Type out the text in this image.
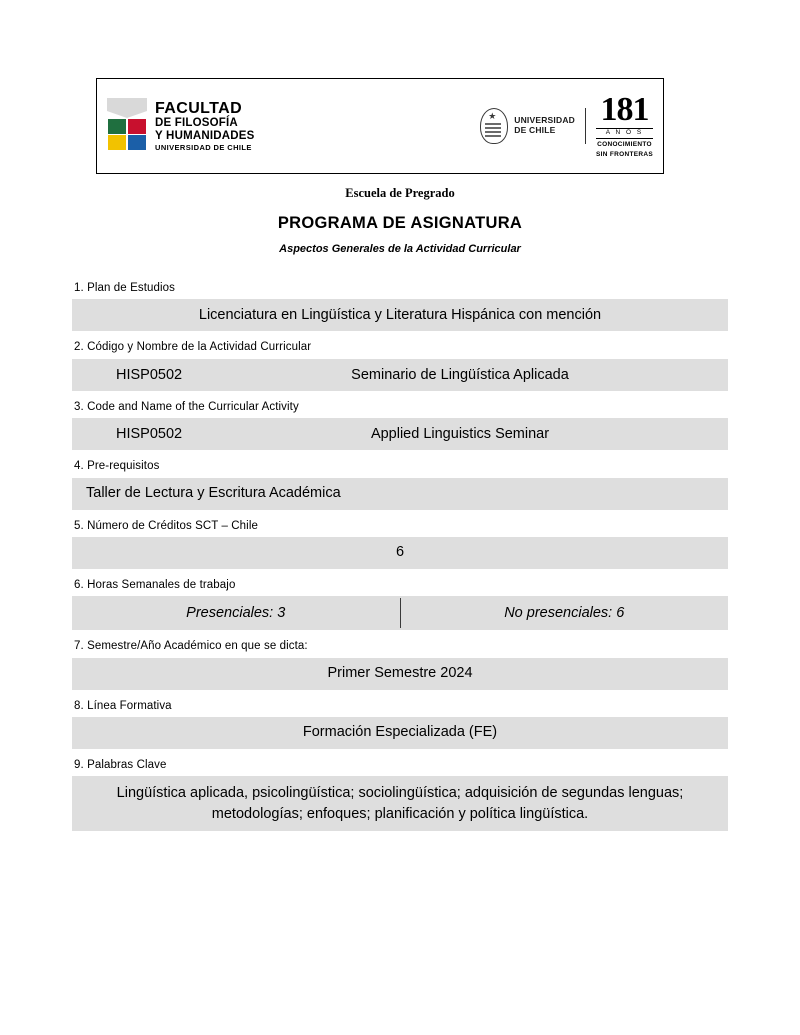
FACULTAD
DE FILOSOFÍA
Y HUMANIDADES
UNIVERSIDAD DE CHILE
★ UNIVERSIDAD
DE CHILE
181
A Ñ O S
CONOCIMIENTO
SIN FRONTERAS
Escuela de Pregrado
PROGRAMA DE ASIGNATURA
Aspectos Generales de la Actividad Curricular
1. Plan de Estudios
Licenciatura en Lingüística y Literatura Hispánica con mención
2. Código y Nombre de la Actividad Curricular
HISP0502	Seminario de Lingüística Aplicada
3. Code and Name of the Curricular Activity
HISP0502	Applied Linguistics Seminar
4. Pre-requisitos
Taller de Lectura y Escritura Académica
5. Número de Créditos SCT – Chile
6
6. Horas Semanales de trabajo
Presenciales: 3	No presenciales: 6
7. Semestre/Año Académico en que se dicta:
Primer Semestre 2024
8. Línea Formativa
Formación Especializada (FE)
9. Palabras Clave
Lingüística aplicada, psicolingüística; sociolingüística; adquisición de segundas lenguas; metodologías; enfoques; planificación y política lingüística.
